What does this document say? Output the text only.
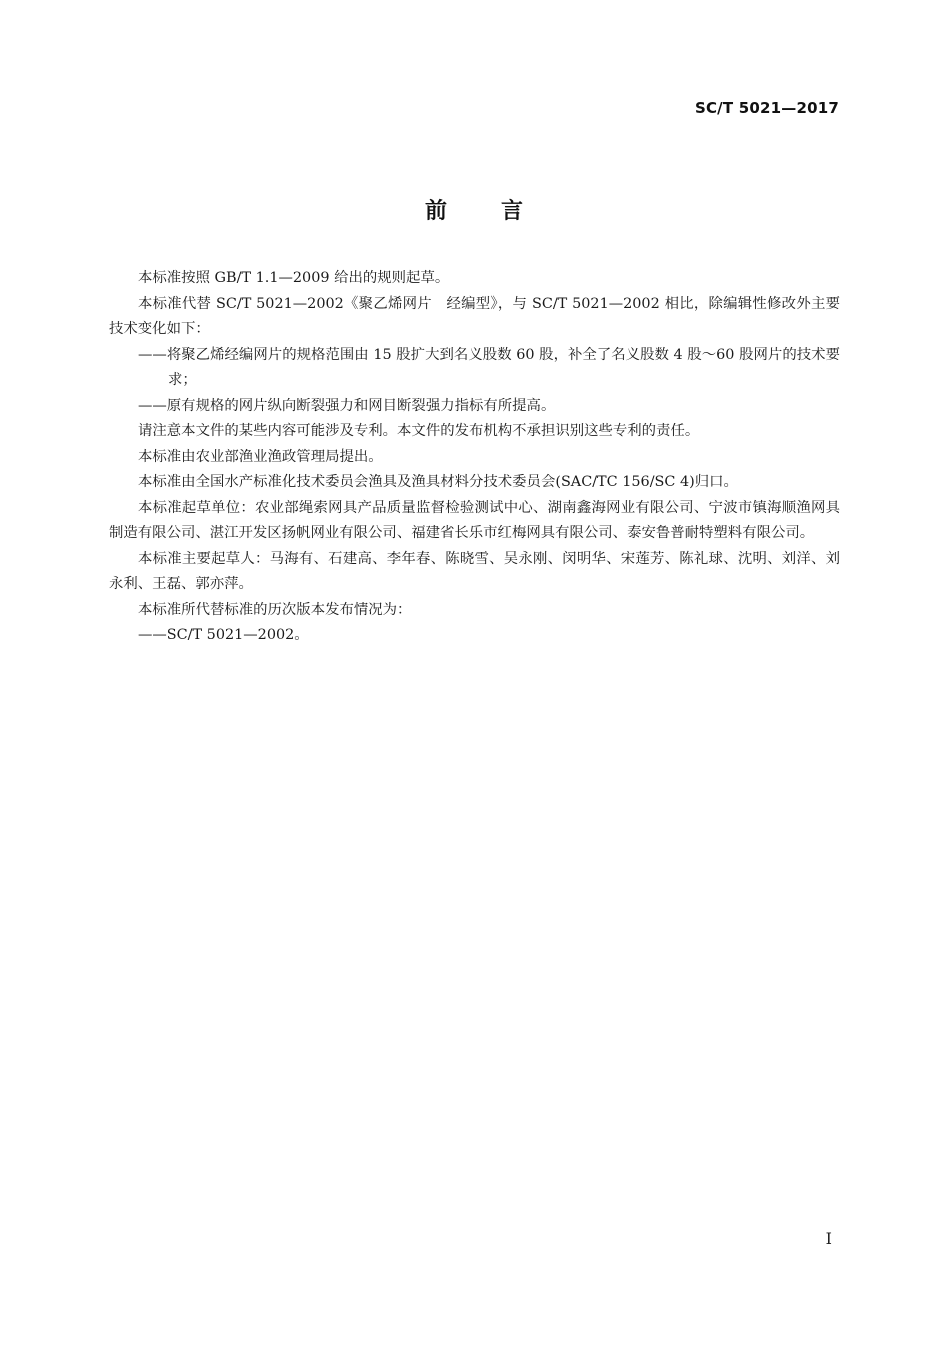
SC/T 5021—2017
前 言

本标准按照 GB/T 1.1—2009 给出的规则起草。

本标准代替 SC/T 5021—2002《聚乙烯网片　经编型》，与 SC/T 5021—2002 相比，除编辑性修改外主要技术变化如下：

——将聚乙烯经编网片的规格范围由 15 股扩大到名义股数 60 股，补全了名义股数 4 股～60 股网片的技术要求；

——原有规格的网片纵向断裂强力和网目断裂强力指标有所提高。

请注意本文件的某些内容可能涉及专利。本文件的发布机构不承担识别这些专利的责任。

本标准由农业部渔业渔政管理局提出。

本标准由全国水产标准化技术委员会渔具及渔具材料分技术委员会(SAC/TC 156/SC 4)归口。

本标准起草单位：农业部绳索网具产品质量监督检验测试中心、湖南鑫海网业有限公司、宁波市镇海顺渔网具制造有限公司、湛江开发区扬帆网业有限公司、福建省长乐市红梅网具有限公司、泰安鲁普耐特塑料有限公司。

本标准主要起草人：马海有、石建高、李年春、陈晓雪、吴永刚、闵明华、宋莲芳、陈礼球、沈明、刘洋、刘永利、王磊、郭亦萍。

本标准所代替标准的历次版本发布情况为：

——SC/T 5021—2002。

I
